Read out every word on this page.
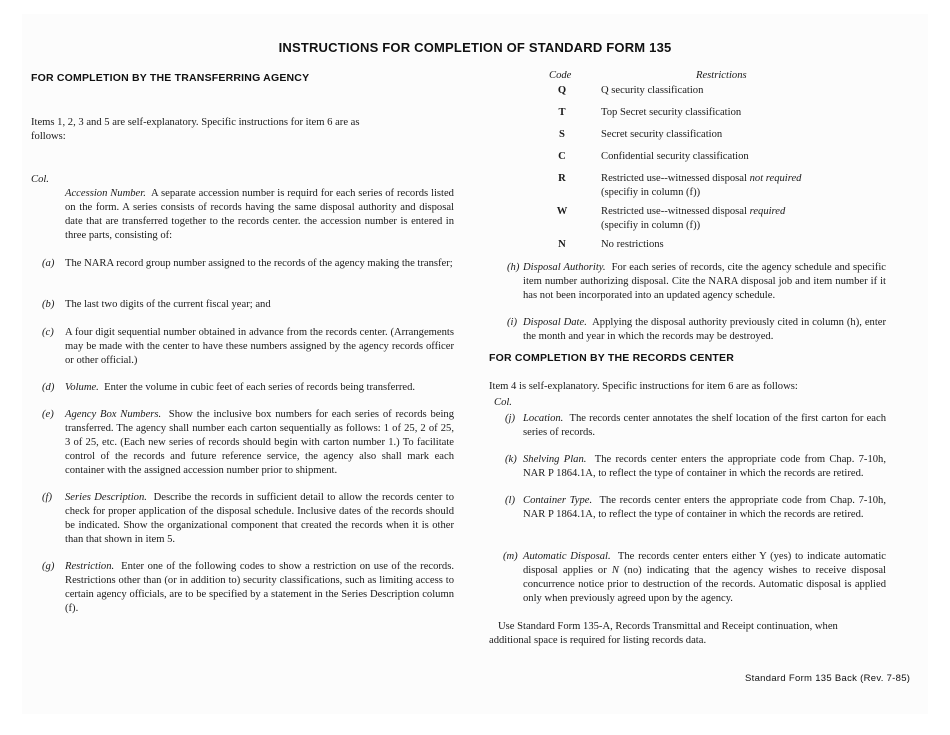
INSTRUCTIONS FOR COMPLETION OF STANDARD FORM 135
FOR COMPLETION BY THE TRANSFERRING AGENCY
Items 1, 2, 3 and 5 are self-explanatory. Specific instructions for item 6 are as follows:
Col.
Accession Number. A separate accession number is requird for each series of records listed on the form. A series consists of records having the same disposal authority and disposal date that are transferred together to the records center. the accession number is entered in three parts, consisting of:
(a) The NARA record group number assigned to the records of the agency making the transfer;
(b) The last two digits of the current fiscal year; and
(c) A four digit sequential number obtained in advance from the records center. (Arrangements may be made with the center to have these numbers assigned by the agency records officer or other official.)
(d) Volume. Enter the volume in cubic feet of each series of records being transferred.
(e) Agency Box Numbers. Show the inclusive box numbers for each series of records being transferred. The agency shall number each carton sequentially as follows: 1 of 25, 2 of 25, 3 of 25, etc. (Each new series of records should begin with carton number 1.) To facilitate control of the records and future reference service, the agency also shall mark each container with the assigned accession number prior to shipment.
(f) Series Description. Describe the records in sufficient detail to allow the records center to check for proper application of the disposal schedule. Inclusive dates of the records should be indicated. Show the organizational component that created the records when it is other than that shown in item 5.
(g) Restriction. Enter one of the following codes to show a restriction on use of the records. Restrictions other than (or in addition to) security classifications, such as limiting access to certain agency officials, are to be specified by a statement in the Series Description column (f).
Code	Restrictions
Q	Q security classification
T	Top Secret security classification
S	Secret security classification
C	Confidential security classification
R	Restricted use--witnessed disposal not required
(specifiy in column (f))
W	Restricted use--witnessed disposal required
(specifiy in column (f))
N	No restrictions
(h) Disposal Authority. For each series of records, cite the agency schedule and specific item number authorizing disposal. Cite the NARA disposal job and item number if it has not been incorporated into an updated agency schedule.
(i) Disposal Date. Applying the disposal authority previously cited in column (h), enter the month and year in which the records may be destroyed.
FOR COMPLETION BY THE RECORDS CENTER
Item 4 is self-explanatory. Specific instructions for item 6 are as follows:
Col.
(j) Location. The records center annotates the shelf location of the first carton for each series of records.
(k) Shelving Plan. The records center enters the appropriate code from Chap. 7-10h, NAR P 1864.1A, to reflect the type of container in which the records are retired.
(l) Container Type. The records center enters the appropriate code from Chap. 7-10h, NAR P 1864.1A, to reflect the type of container in which the records are retired.
(m) Automatic Disposal. The records center enters either Y (yes) to indicate automatic disposal applies or N (no) indicating that the agency wishes to receive disposal concurrence notice prior to destruction of the records. Automatic disposal is applied only when previously agreed upon by the agency.
Use Standard Form 135-A, Records Transmittal and Receipt continuation, when additional space is required for listing records data.
Standard Form 135 Back (Rev. 7-85)
